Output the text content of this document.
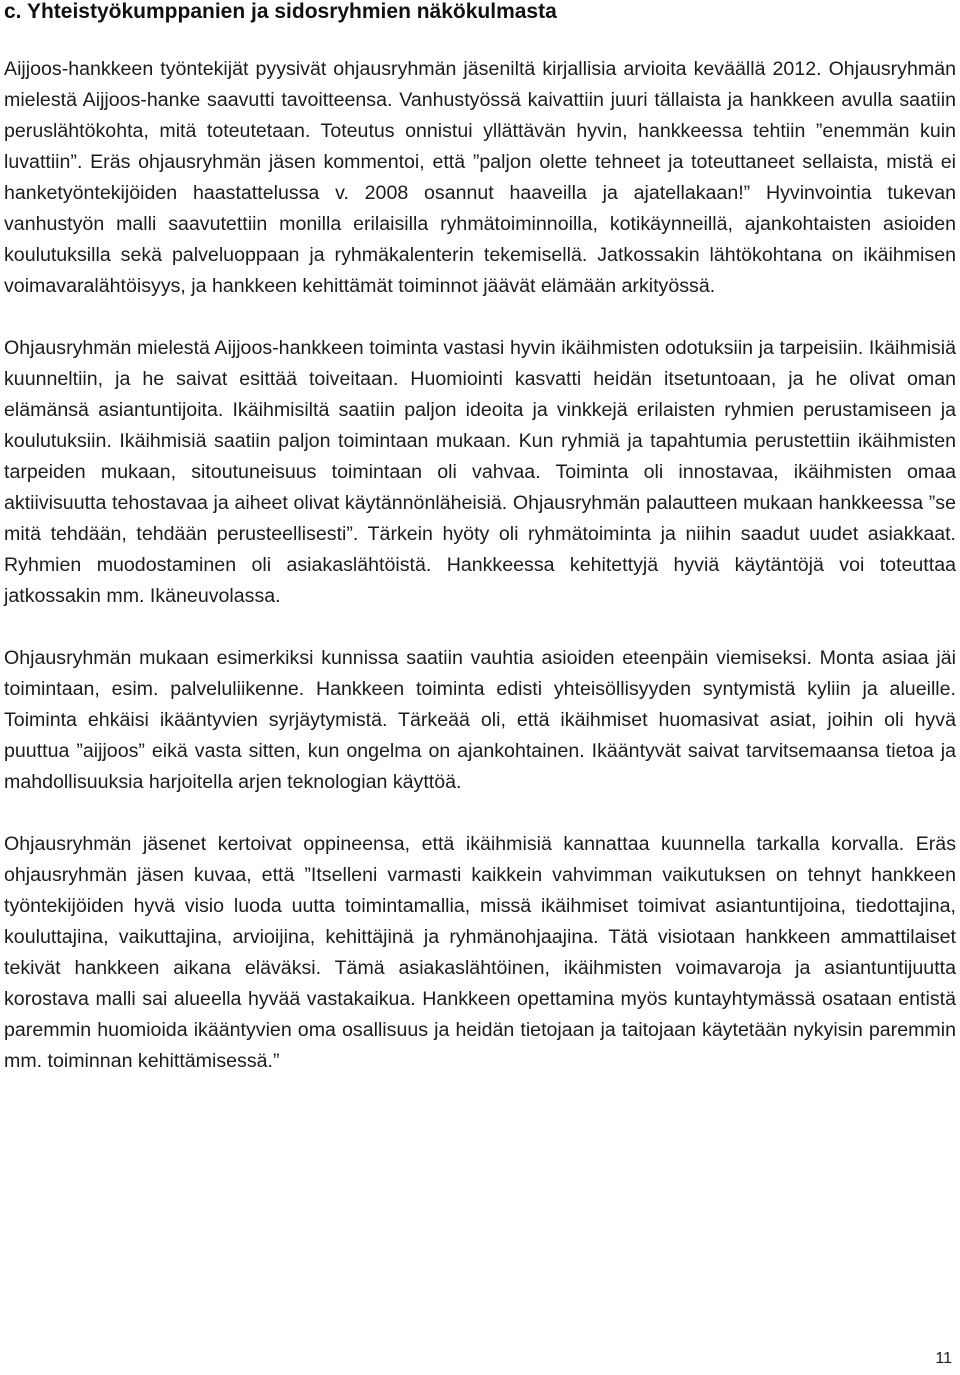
c. Yhteistyökumppanien ja sidosryhmien näkökulmasta

Aijjoos-hankkeen työntekijät pyysivät ohjausryhmän jäseniltä kirjallisia arvioita keväällä 2012. Ohjausryhmän mielestä Aijjoos-hanke saavutti tavoitteensa. Vanhustyössä kaivattiin juuri tällaista ja hankkeen avulla saatiin peruslähtökohta, mitä toteutetaan. Toteutus onnistui yllättävän hyvin, hankkeessa tehtiin ”enemmän kuin luvattiin”. Eräs ohjausryhmän jäsen kommentoi, että ”paljon olette tehneet ja toteuttaneet sellaista, mistä ei hanketyöntekijöiden haastattelussa v. 2008 osannut haaveilla ja ajatellakaan!” Hyvinvointia tukevan vanhustyön malli saavutettiin monilla erilaisilla ryhmätoiminnoilla, kotikäynneillä, ajankohtaisten asioiden koulutuksilla sekä palveluoppaan ja ryhmäkalenterin tekemisellä. Jatkossakin lähtökohtana on ikäihmisen voimavaralähtöisyys, ja hankkeen kehittämät toiminnot jäävät elämään arkityössä.

Ohjausryhmän mielestä Aijjoos-hankkeen toiminta vastasi hyvin ikäihmisten odotuksiin ja tarpeisiin. Ikäihmisiä kuunneltiin, ja he saivat esittää toiveitaan. Huomiointi kasvatti heidän itsetuntoaan, ja he olivat oman elämänsä asiantuntijoita. Ikäihmisiltä saatiin paljon ideoita ja vinkkejä erilaisten ryhmien perustamiseen ja koulutuksiin. Ikäihmisiä saatiin paljon toimintaan mukaan. Kun ryhmiä ja tapahtumia perustettiin ikäihmisten tarpeiden mukaan, sitoutuneisuus toimintaan oli vahvaa. Toiminta oli innostavaa, ikäihmisten omaa aktiivisuutta tehostavaa ja aiheet olivat käytännönläheisiä. Ohjausryhmän palautteen mukaan hankkeessa ”se mitä tehdään, tehdään perusteellisesti”. Tärkein hyöty oli ryhmätoiminta ja niihin saadut uudet asiakkaat. Ryhmien muodostaminen oli asiakaslähtöistä. Hankkeessa kehitettyjä hyviä käytäntöjä voi toteuttaa jatkossakin mm. Ikäneuvolassa.

Ohjausryhmän mukaan esimerkiksi kunnissa saatiin vauhtia asioiden eteenpäin viemiseksi. Monta asiaa jäi toimintaan, esim. palveluliikenne. Hankkeen toiminta edisti yhteisöllisyyden syntymistä kyliin ja alueille. Toiminta ehkäisi ikääntyvien syrjäytymistä. Tärkeää oli, että ikäihmiset huomasivat asiat, joihin oli hyvä puuttua ”aijjoos” eikä vasta sitten, kun ongelma on ajankohtainen. Ikääntyvät saivat tarvitsemaansa tietoa ja mahdollisuuksia harjoitella arjen teknologian käyttöä.

Ohjausryhmän jäsenet kertoivat oppineensa, että ikäihmisiä kannattaa kuunnella tarkalla korvalla. Eräs ohjausryhmän jäsen kuvaa, että ”Itselleni varmasti kaikkein vahvimman vaikutuksen on tehnyt hankkeen työntekijöiden hyvä visio luoda uutta toimintamallia, missä ikäihmiset toimivat asiantuntijoina, tiedottajina, kouluttajina, vaikuttajina, arvioijina, kehittäjinä ja ryhmänohjaajina. Tätä visiotaan hankkeen ammattilaiset tekivät hankkeen aikana eläväksi. Tämä asiakaslähtöinen, ikäihmisten voimavaroja ja asiantuntijuutta korostava malli sai alueella hyvää vastakaikua. Hankkeen opettamina myös kuntayhtymässä osataan entistä paremmin huomioida ikääntyvien oma osallisuus ja heidän tietojaan ja taitojaan käytetään nykyisin paremmin mm. toiminnan kehittämisessä.”

11
